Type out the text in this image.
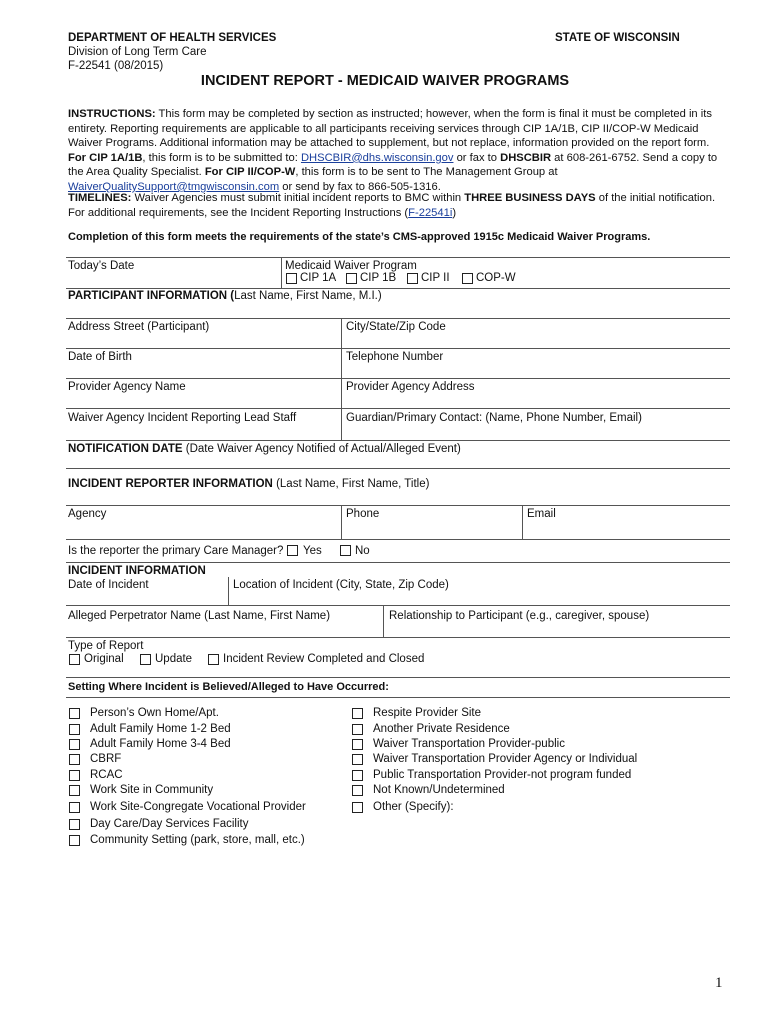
DEPARTMENT OF HEALTH SERVICES
Division of Long Term Care
F-22541 (08/2015)
STATE OF WISCONSIN
INCIDENT REPORT - MEDICAID WAIVER PROGRAMS

INSTRUCTIONS: This form may be completed by section as instructed; however, when the form is final it must be completed in its entirety. Reporting requirements are applicable to all participants receiving services through CIP 1A/1B, CIP II/COP-W Medicaid Waiver Programs. Additional information may be attached to supplement, but not replace, information provided on the report form. For CIP 1A/1B, this form is to be submitted to: DHSCBIR@dhs.wisconsin.gov or fax to DHSCBIR at 608-261-6752. Send a copy to the Area Quality Specialist. For CIP II/COP-W, this form is to be sent to The Management Group at WaiverQualitySupport@tmgwisconsin.com or send by fax to 866-505-1316.

TIMELINES: Waiver Agencies must submit initial incident reports to BMC within THREE BUSINESS DAYS of the initial notification. For additional requirements, see the Incident Reporting Instructions (F-22541i)

Completion of this form meets the requirements of the state’s CMS-approved 1915c Medicaid Waiver Programs.
Today’s Date	Medicaid Waiver Program
CIP 1A CIP 1B CIP II COP-W
PARTICIPANT INFORMATION (Last Name, First Name, M.I.)
Address Street (Participant)	City/State/Zip Code
Date of Birth	Telephone Number
Provider Agency Name	Provider Agency Address
Waiver Agency Incident Reporting Lead Staff	Guardian/Primary Contact: (Name, Phone Number, Email)
NOTIFICATION DATE (Date Waiver Agency Notified of Actual/Alleged Event)
INCIDENT REPORTER INFORMATION (Last Name, First Name, Title)
Agency	Phone	Email
Is the reporter the primary Care Manager? Yes	No
INCIDENT INFORMATION
Date of Incident	Location of Incident (City, State, Zip Code)
Alleged Perpetrator Name (Last Name, First Name)	Relationship to Participant (e.g., caregiver, spouse)
Type of Report
Original	Update	Incident Review Completed and Closed
Setting Where Incident is Believed/Alleged to Have Occurred:
Person’s Own Home/Apt.
Adult Family Home 1-2 Bed
Adult Family Home 3-4 Bed
CBRF
RCAC
Work Site in Community
Work Site-Congregate Vocational Provider
Day Care/Day Services Facility
Community Setting (park, store, mall, etc.)
Respite Provider Site
Another Private Residence
Waiver Transportation Provider-public
Waiver Transportation Provider Agency or Individual
Public Transportation Provider-not program funded
Not Known/Undetermined
Other (Specify):
1
